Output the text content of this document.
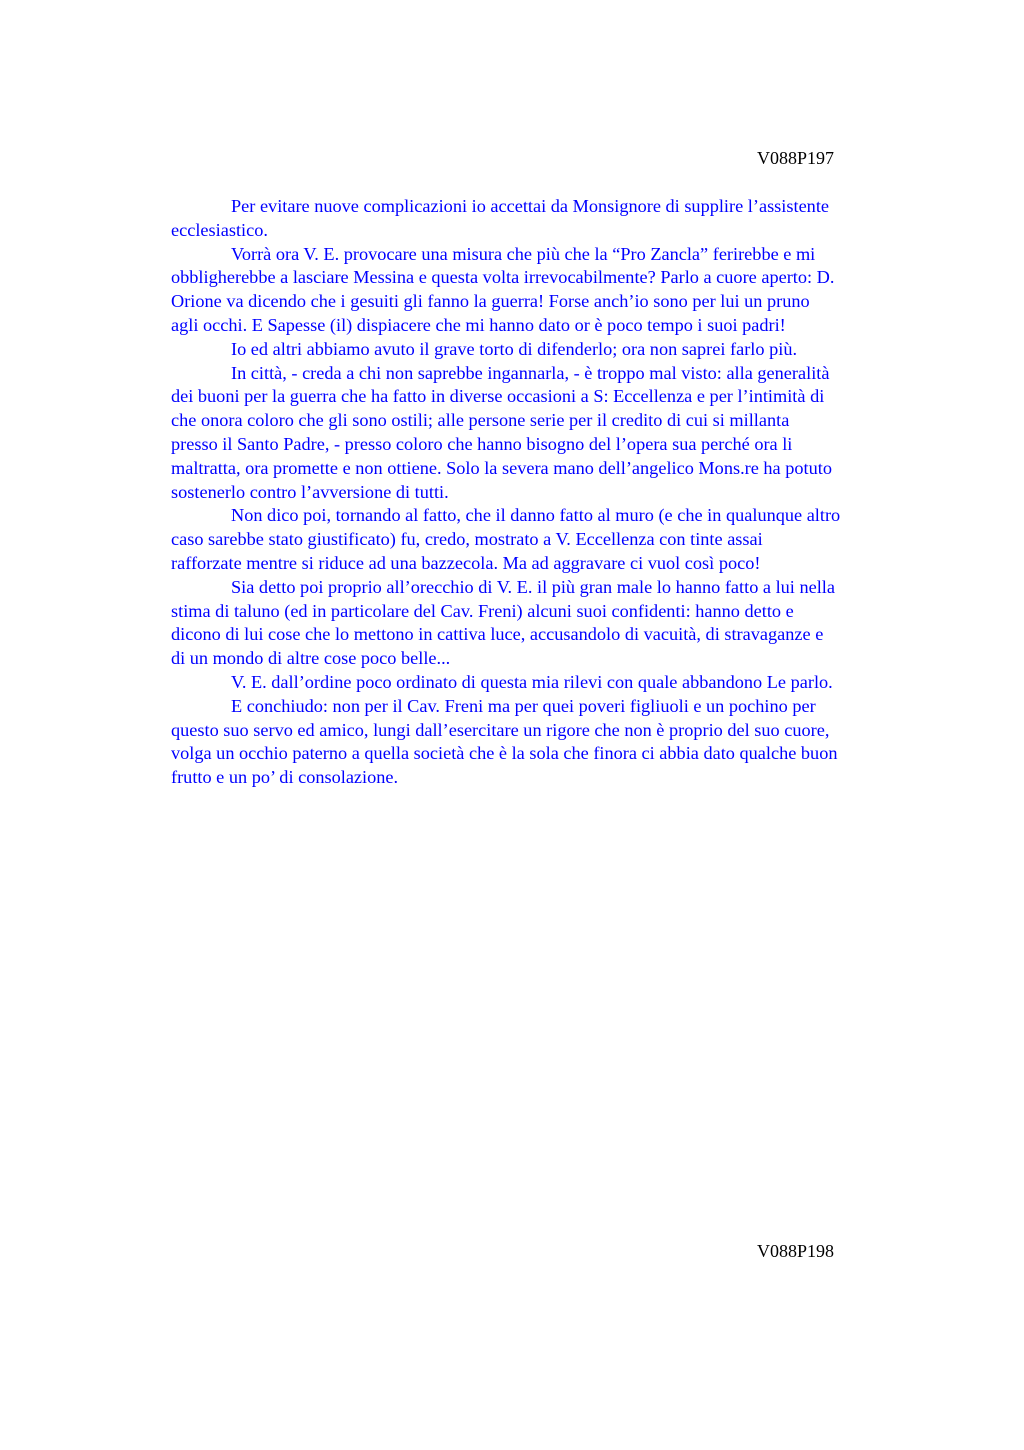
V088P197
Per evitare nuove complicazioni io accettai da Monsignore di supplire l’assistente
ecclesiastico.
Vorrà ora V. E. provocare una misura che più che la “Pro Zancla” ferirebbe e mi
obbligherebbe a lasciare Messina e questa volta irrevocabilmente? Parlo a cuore aperto: D.
Orione va dicendo che i gesuiti gli fanno la guerra! Forse anch’io sono per lui un pruno
agli occhi. E Sapesse (il) dispiacere che mi hanno dato or è poco tempo i suoi padri!
Io ed altri abbiamo avuto il grave torto di difenderlo; ora non saprei farlo più.
In città, - creda a chi non saprebbe ingannarla, - è troppo mal visto: alla generalità
dei buoni per la guerra che ha fatto in diverse occasioni a S: Eccellenza e per l’intimità di
che onora coloro che gli sono ostili; alle persone serie per il credito di cui si millanta
presso il Santo Padre, - presso coloro che hanno bisogno del l’opera sua perché ora li
maltratta, ora promette e non ottiene. Solo la severa mano dell’angelico Mons.re ha potuto
sostenerlo contro l’avversione di tutti.
Non dico poi, tornando al fatto, che il danno fatto al muro (e che in qualunque altro
caso sarebbe stato giustificato) fu, credo, mostrato a V. Eccellenza con tinte assai
rafforzate mentre si riduce ad una bazzecola. Ma ad aggravare ci vuol così poco!
Sia detto poi proprio all’orecchio di V. E. il più gran male lo hanno fatto a lui nella
stima di taluno (ed in particolare del Cav. Freni) alcuni suoi confidenti: hanno detto e
dicono di lui cose che lo mettono in cattiva luce, accusandolo di vacuità, di stravaganze e
di un mondo di altre cose poco belle...
V. E. dall’ordine poco ordinato di questa mia rilevi con quale abbandono Le parlo.
E conchiudo: non per il Cav. Freni ma per quei poveri figliuoli e un pochino per
questo suo servo ed amico, lungi dall’esercitare un rigore che non è proprio del suo cuore,
volga un occhio paterno a quella società che è la sola che finora ci abbia dato qualche buon
frutto e un po’ di consolazione.
V088P198
